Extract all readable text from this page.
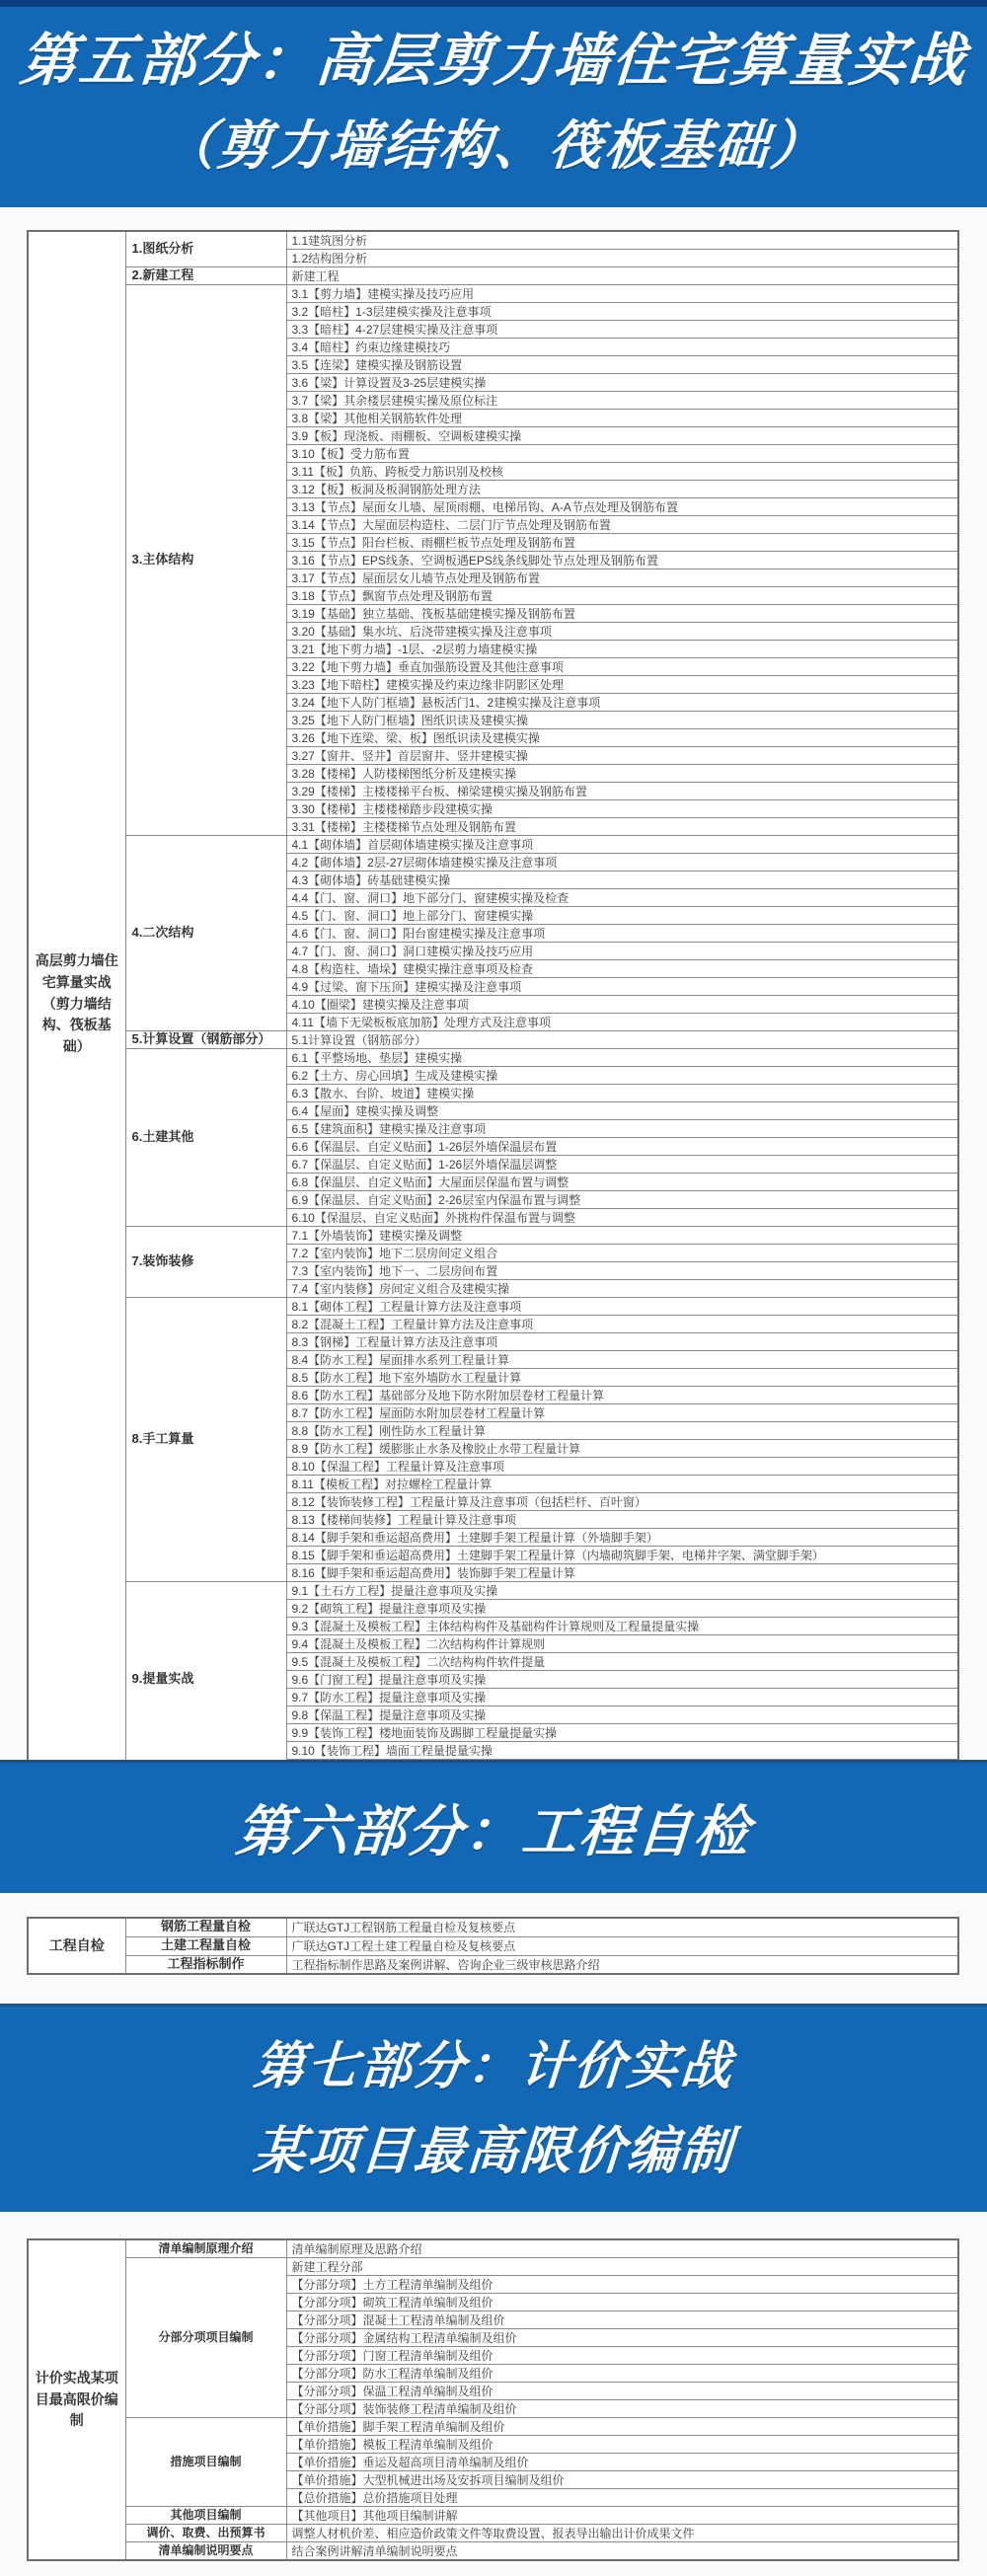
第五部分：高层剪力墙住宅算量实战
（剪力墙结构、筏板基础）
高层剪力墙住宅算量实战（剪力墙结构、筏板基础）	1.图纸分析	1.1建筑图分析
		1.2结构图分析
	2.新建工程	新建工程
	3.主体结构	3.1【剪力墙】建模实操及技巧应用
		3.2【暗柱】1-3层建模实操及注意事项
		3.3【暗柱】4-27层建模实操及注意事项
		3.4【暗柱】约束边缘建模技巧
		3.5【连梁】建模实操及钢筋设置
		3.6【梁】计算设置及3-25层建模实操
		3.7【梁】其余楼层建模实操及原位标注
		3.8【梁】其他相关钢筋软件处理
		3.9【板】现浇板、雨棚板、空调板建模实操
		3.10【板】受力筋布置
		3.11【板】负筋、跨板受力筋识别及校核
		3.12【板】板洞及板洞钢筋处理方法
		3.13【节点】屋面女儿墙、屋顶雨棚、电梯吊钩、A-A节点处理及钢筋布置
		3.14【节点】大屋面层构造柱、二层门厅节点处理及钢筋布置
		3.15【节点】阳台栏板、雨棚栏板节点处理及钢筋布置
		3.16【节点】EPS线条、空调板遇EPS线条线脚处节点处理及钢筋布置
		3.17【节点】屋面层女儿墙节点处理及钢筋布置
		3.18【节点】飘窗节点处理及钢筋布置
		3.19【基础】独立基础、筏板基础建模实操及钢筋布置
		3.20【基础】集水坑、后浇带建模实操及注意事项
		3.21【地下剪力墙】-1层、-2层剪力墙建模实操
		3.22【地下剪力墙】垂直加强筋设置及其他注意事项
		3.23【地下暗柱】建模实操及约束边缘非阴影区处理
		3.24【地下人防门框墙】悬板活门1、2建模实操及注意事项
		3.25【地下人防门框墙】图纸识读及建模实操
		3.26【地下连梁、梁、板】图纸识读及建模实操
		3.27【窗井、竖井】首层窗井、竖井建模实操
		3.28【楼梯】人防楼梯图纸分析及建模实操
		3.29【楼梯】主楼楼梯平台板、梯梁建模实操及钢筋布置
		3.30【楼梯】主楼楼梯踏步段建模实操
		3.31【楼梯】主楼楼梯节点处理及钢筋布置
	4.二次结构	4.1【砌体墙】首层砌体墙建模实操及注意事项
		4.2【砌体墙】2层-27层砌体墙建模实操及注意事项
		4.3【砌体墙】砖基础建模实操
		4.4【门、窗、洞口】地下部分门、窗建模实操及检查
		4.5【门、窗、洞口】地上部分门、窗建模实操
		4.6【门、窗、洞口】阳台窗建模实操及注意事项
		4.7【门、窗、洞口】洞口建模实操及技巧应用
		4.8【构造柱、墙垛】建模实操注意事项及检查
		4.9【过梁、窗下压顶】建模实操及注意事项
		4.10【圈梁】建模实操及注意事项
		4.11【墙下无梁板板底加筋】处理方式及注意事项
	5.计算设置（钢筋部分）	5.1计算设置（钢筋部分）
	6.土建其他	6.1【平整场地、垫层】建模实操
		6.2【土方、房心回填】生成及建模实操
		6.3【散水、台阶、坡道】建模实操
		6.4【屋面】建模实操及调整
		6.5【建筑面积】建模实操及注意事项
		6.6【保温层、自定义贴面】1-26层外墙保温层布置
		6.7【保温层、自定义贴面】1-26层外墙保温层调整
		6.8【保温层、自定义贴面】大屋面层保温布置与调整
		6.9【保温层、自定义贴面】2-26层室内保温布置与调整
		6.10【保温层、自定义贴面】外挑构件保温布置与调整
	7.装饰装修	7.1【外墙装饰】建模实操及调整
		7.2【室内装饰】地下二层房间定义组合
		7.3【室内装饰】地下一、二层房间布置
		7.4【室内装修】房间定义组合及建模实操
	8.手工算量	8.1【砌体工程】工程量计算方法及注意事项
		8.2【混凝土工程】工程量计算方法及注意事项
		8.3【钢梯】工程量计算方法及注意事项
		8.4【防水工程】屋面排水系列工程量计算
		8.5【防水工程】地下室外墙防水工程量计算
		8.6【防水工程】基础部分及地下防水附加层卷材工程量计算
		8.7【防水工程】屋面防水附加层卷材工程量计算
		8.8【防水工程】刚性防水工程量计算
		8.9【防水工程】缓膨胀止水条及橡胶止水带工程量计算
		8.10【保温工程】工程量计算及注意事项
		8.11【模板工程】对拉螺栓工程量计算
		8.12【装饰装修工程】工程量计算及注意事项（包括栏杆、百叶窗）
		8.13【楼梯间装修】工程量计算及注意事项
		8.14【脚手架和垂运超高费用】土建脚手架工程量计算（外墙脚手架）
		8.15【脚手架和垂运超高费用】土建脚手架工程量计算（内墙砌筑脚手架、电梯井字架、满堂脚手架）
		8.16【脚手架和垂运超高费用】装饰脚手架工程量计算
	9.提量实战	9.1【土石方工程】提量注意事项及实操
		9.2【砌筑工程】提量注意事项及实操
		9.3【混凝土及模板工程】主体结构构件及基础构件计算规则及工程量提量实操
		9.4【混凝土及模板工程】二次结构构件计算规则
		9.5【混凝土及模板工程】二次结构构件软件提量
		9.6【门窗工程】提量注意事项及实操
		9.7【防水工程】提量注意事项及实操
		9.8【保温工程】提量注意事项及实操
		9.9【装饰工程】楼地面装饰及踢脚工程量提量实操
		9.10【装饰工程】墙面工程量提量实操

第六部分：工程自检
工程自检	钢筋工程量自检	广联达GTJ工程钢筋工程量自检及复核要点
	土建工程量自检	广联达GTJ工程土建工程量自检及复核要点
	工程指标制作	工程指标制作思路及案例讲解、咨询企业三级审核思路介绍
第七部分：计价实战
某项目最高限价编制
计价实战某项目最高限价编制	清单编制原理介绍	清单编制原理及思路介绍
	分部分项项目编制	新建工程分部
		【分部分项】土方工程清单编制及组价
		【分部分项】砌筑工程清单编制及组价
		【分部分项】混凝土工程清单编制及组价
		【分部分项】金属结构工程清单编制及组价
		【分部分项】门窗工程清单编制及组价
		【分部分项】防水工程清单编制及组价
		【分部分项】保温工程清单编制及组价
		【分部分项】装饰装修工程清单编制及组价
	措施项目编制	【单价措施】脚手架工程清单编制及组价
		【单价措施】模板工程清单编制及组价
		【单价措施】垂运及超高项目清单编制及组价
		【单价措施】大型机械进出场及安拆项目编制及组价
		【总价措施】总价措施项目处理
	其他项目编制	【其他项目】其他项目编制讲解
	调价、取费、出预算书	调整人材机价差、相应造价政策文件等取费设置、报表导出输出计价成果文件
	清单编制说明要点	结合案例讲解清单编制说明要点
